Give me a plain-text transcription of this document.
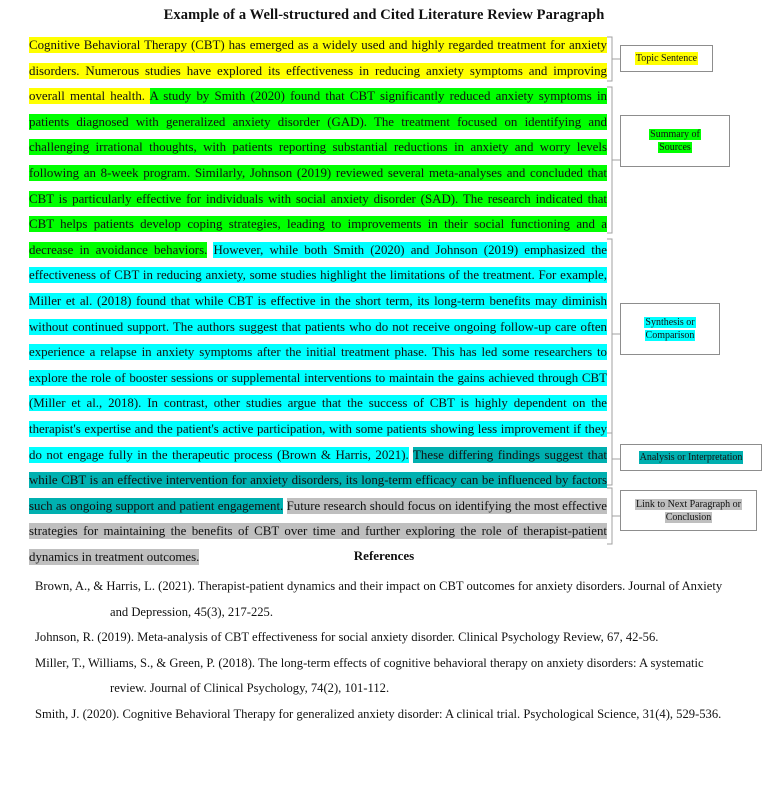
Example of a Well-structured and Cited Literature Review Paragraph

Cognitive Behavioral Therapy (CBT) has emerged as a widely used and highly regarded treatment for anxiety disorders. Numerous studies have explored its effectiveness in reducing anxiety symptoms and improving overall mental health. A study by Smith (2020) found that CBT significantly reduced anxiety symptoms in patients diagnosed with generalized anxiety disorder (GAD). The treatment focused on identifying and challenging irrational thoughts, with patients reporting substantial reductions in anxiety and worry levels following an 8-week program. Similarly, Johnson (2019) reviewed several meta-analyses and concluded that CBT is particularly effective for individuals with social anxiety disorder (SAD). The research indicated that CBT helps patients develop coping strategies, leading to improvements in their social functioning and a decrease in avoidance behaviors. However, while both Smith (2020) and Johnson (2019) emphasized the effectiveness of CBT in reducing anxiety, some studies highlight the limitations of the treatment. For example, Miller et al. (2018) found that while CBT is effective in the short term, its long-term benefits may diminish without continued support. The authors suggest that patients who do not receive ongoing follow-up care often experience a relapse in anxiety symptoms after the initial treatment phase. This has led some researchers to explore the role of booster sessions or supplemental interventions to maintain the gains achieved through CBT (Miller et al., 2018). In contrast, other studies argue that the success of CBT is highly dependent on the therapist's expertise and the patient's active participation, with some patients showing less improvement if they do not engage fully in the therapeutic process (Brown & Harris, 2021). These differing findings suggest that while CBT is an effective intervention for anxiety disorders, its long-term efficacy can be influenced by factors such as ongoing support and patient engagement. Future research should focus on identifying the most effective strategies for maintaining the benefits of CBT over time and further exploring the role of therapist-patient dynamics in treatment outcomes.

Topic Sentence
Summary of
Sources
Synthesis or
Comparison
Analysis or Interpretation
Link to Next Paragraph or
Conclusion
References

Brown, A., & Harris, L. (2021). Therapist-patient dynamics and their impact on CBT outcomes for anxiety disorders. Journal of Anxiety and Depression, 45(3), 217-225.

Johnson, R. (2019). Meta-analysis of CBT effectiveness for social anxiety disorder. Clinical Psychology Review, 67, 42-56.

Miller, T., Williams, S., & Green, P. (2018). The long-term effects of cognitive behavioral therapy on anxiety disorders: A systematic review. Journal of Clinical Psychology, 74(2), 101-112.

Smith, J. (2020). Cognitive Behavioral Therapy for generalized anxiety disorder: A clinical trial. Psychological Science, 31(4), 529-536.
